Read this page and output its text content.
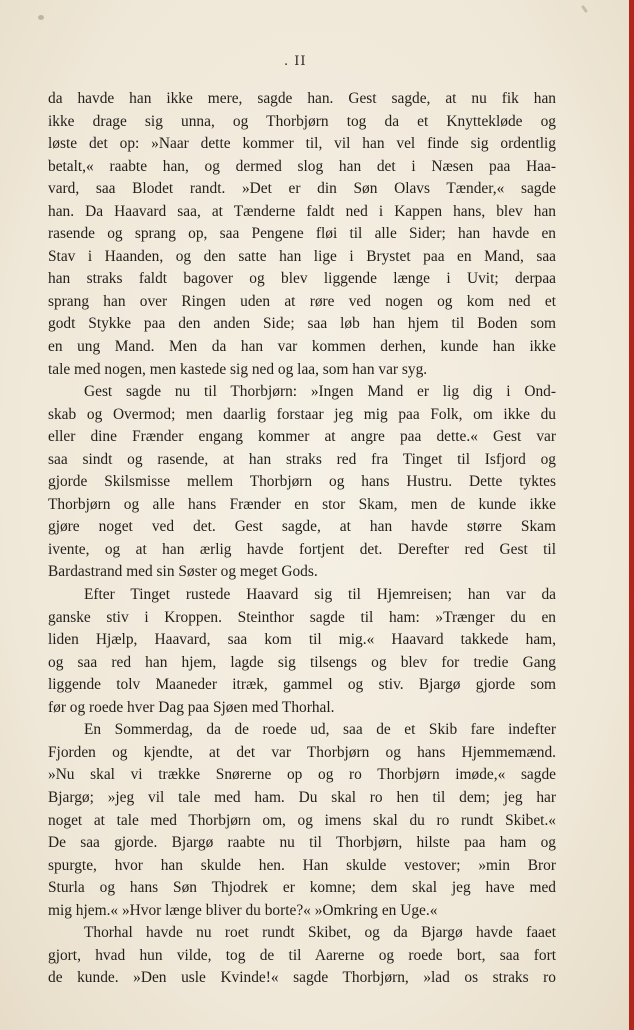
. II
da havde han ikke mere, sagde han. Gest sagde, at nu fik han
ikke drage sig unna, og Thorbjørn tog da et Knyttekløde og
løste det op: »Naar dette kommer til, vil han vel finde sig ordentlig
betalt,« raabte han, og dermed slog han det i Næsen paa Haa-
vard, saa Blodet randt. »Det er din Søn Olavs Tænder,« sagde
han. Da Haavard saa, at Tænderne faldt ned i Kappen hans, blev han
rasende og sprang op, saa Pengene fløi til alle Sider; han havde en
Stav i Haanden, og den satte han lige i Brystet paa en Mand, saa
han straks faldt bagover og blev liggende længe i Uvit; derpaa
sprang han over Ringen uden at røre ved nogen og kom ned et
godt Stykke paa den anden Side; saa løb han hjem til Boden som
en ung Mand. Men da han var kommen derhen, kunde han ikke
tale med nogen, men kastede sig ned og laa, som han var syg.
Gest sagde nu til Thorbjørn: »Ingen Mand er lig dig i Ond-
skab og Overmod; men daarlig forstaar jeg mig paa Folk, om ikke du
eller dine Frænder engang kommer at angre paa dette.« Gest var
saa sindt og rasende, at han straks red fra Tinget til Isfjord og
gjorde Skilsmisse mellem Thorbjørn og hans Hustru. Dette tyktes
Thorbjørn og alle hans Frænder en stor Skam, men de kunde ikke
gjøre noget ved det. Gest sagde, at han havde større Skam
ivente, og at han ærlig havde fortjent det. Derefter red Gest til
Bardastrand med sin Søster og meget Gods.
Efter Tinget rustede Haavard sig til Hjemreisen; han var da
ganske stiv i Kroppen. Steinthor sagde til ham: »Trænger du en
liden Hjælp, Haavard, saa kom til mig.« Haavard takkede ham,
og saa red han hjem, lagde sig tilsengs og blev for tredie Gang
liggende tolv Maaneder itræk, gammel og stiv. Bjargø gjorde som
før og roede hver Dag paa Sjøen med Thorhal.
En Sommerdag, da de roede ud, saa de et Skib fare indefter
Fjorden og kjendte, at det var Thorbjørn og hans Hjemmemænd.
»Nu skal vi trække Snørerne op og ro Thorbjørn imøde,« sagde
Bjargø; »jeg vil tale med ham. Du skal ro hen til dem; jeg har
noget at tale med Thorbjørn om, og imens skal du ro rundt Skibet.«
De saa gjorde. Bjargø raabte nu til Thorbjørn, hilste paa ham og
spurgte, hvor han skulde hen. Han skulde vestover; »min Bror
Sturla og hans Søn Thjodrek er komne; dem skal jeg have med
mig hjem.« »Hvor længe bliver du borte?« »Omkring en Uge.«
Thorhal havde nu roet rundt Skibet, og da Bjargø havde faaet
gjort, hvad hun vilde, tog de til Aarerne og roede bort, saa fort
de kunde. »Den usle Kvinde!« sagde Thorbjørn, »lad os straks ro
